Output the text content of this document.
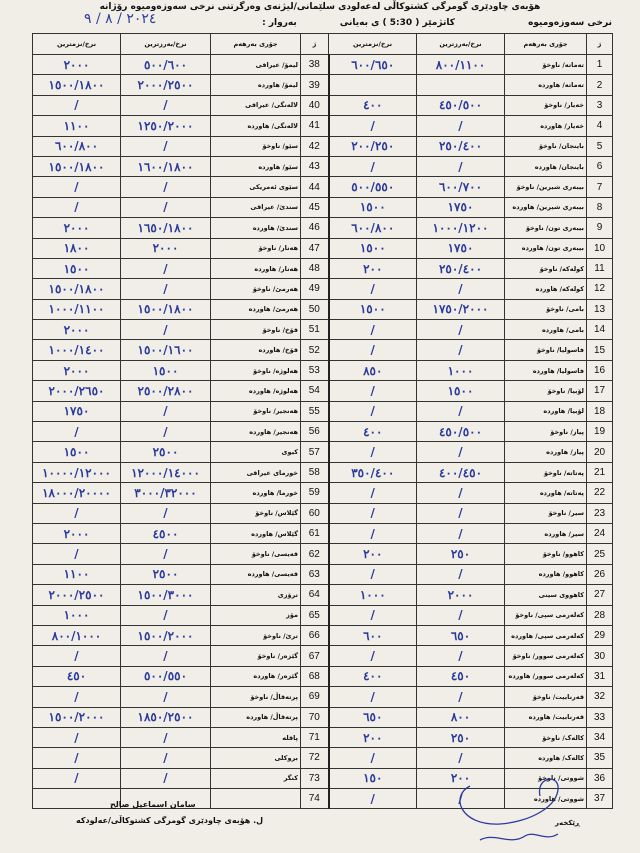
هۆبەی چاودێری گومرگی کشتوکاڵی لەعەلودی سلێمانی/لیژنەی وەرگرتنی نرخی سەوزەومیوە رۆژانە
نرخی سەوزەومیوە کاتژمێر ( 5:30 ) ی بەیانی بەروار :
٢٠٢٤ / ٨ / ٩
ژ	جۆری بەرهەم	نرخ/بەرزترین	نرخ/نزمترین	ژ	جۆری بەرهەم	نرخ/بەرزترین	نرخ/نزمترین
1	تەماتە/ ناوخۆ	٨٠٠/١١٠٠	٦٠٠/٦٥٠	38	لیمۆ/ عیراقی	٥٠٠/٦٠٠	٢٠٠٠
2	تەماتە/ هاوردە			39	لیمۆ/ هاوردە	٢٠٠٠/٢٥٠٠	١٥٠٠/١٨٠٠
3	خەیار/ ناوخۆ	٤٥٠/٥٠٠	٤٠٠	40	لالەنگی/ عیراقی	/	/
4	خەیار/ هاوردە	/	/	41	لالەنگی/ هاوردە	١٢٥٠/٢٠٠٠	١١٠٠
5	باینجان/ ناوخۆ	٢٥٠/٤٠٠	٢٠٠/٢٥٠	42	سێو/ ناوخۆ	/	٦٠٠/٨٠٠
6	باینجان/ هاوردە	/	/	43	سێو/ هاوردە	١٦٠٠/١٨٠٠	١٥٠٠/١٨٠٠
7	بیبەری شیرین/ ناوخۆ	٦٠٠/٧٠٠	٥٠٠/٥٥٠	44	سێوی ئەمریکی	/	/
8	بیبەری شیرین/ هاوردە	١٧٥٠	١٥٠٠	45	سندێ/ عیراقی	/	/
9	بیبەری تون/ ناوخۆ	١٠٠٠/١٢٠٠	٦٠٠/٨٠٠	46	سندێ/ هاوردە	١٦٥٠/١٨٠٠	٢٠٠٠
10	بیبەری تون/ هاوردە	١٧٥٠	١٥٠٠	47	هەنار/ ناوخۆ	٢٠٠٠	١٨٠٠
11	کولەکە/ ناوخۆ	٢٥٠/٤٠٠	٢٠٠	48	هەنار/ هاوردە	/	١٥٠٠
12	کولەکە/ هاوردە	/	/	49	هەرمێ/ ناوخۆ	/	١٥٠٠/١٨٠٠
13	بامی/ ناوخۆ	١٧٥٠/٢٠٠٠	١٥٠٠	50	هەرمێ/ هاوردە	١٥٠٠/١٨٠٠	١٠٠٠/١١٠٠
14	بامی/ هاوردە	/	/	51	قۆخ/ ناوخۆ	/	٢٠٠٠
15	فاسولیا/ ناوخۆ	/	/	52	قۆخ/ هاوردە	١٥٠٠/١٦٠٠	١٠٠٠/١٤٠٠
16	فاسولیا/ هاوردە	١٠٠٠	٨٥٠	53	هەلوژە/ ناوخۆ	١٥٠٠	٢٠٠٠
17	لۆبیا/ ناوخۆ	١٥٠٠	/	54	هەلوژە/ هاوردە	٢٥٠٠/٢٨٠٠	٢٠٠٠/٢٦٥٠
18	لۆبیا/ هاوردە	/	/	55	هەنجیر/ ناوخۆ	/	١٧٥٠
19	پیاز/ ناوخۆ	٤٥٠/٥٠٠	٤٠٠	56	هەنجیر/ هاوردە	/	/
20	پیاز/ هاوردە	/	/	57	کیوی	٢٥٠٠	١٥٠٠
21	پەتاتە/ ناوخۆ	٤٠٠/٤٥٠	٣٥٠/٤٠٠	58	خورمای عیراقی	١٢٠٠٠/١٤٠٠٠	١٠٠٠٠/١٢٠٠٠
22	پەتاتە/ هاوردە	/	/	59	خورما/ هاوردە	٣٠٠٠/٣٢٠٠٠	١٨٠٠٠/٢٠٠٠٠
23	سیر/ ناوخۆ	/	/	60	گێلاس/ ناوخۆ	/	/
24	سیر/ هاوردە	/	/	61	گێلاس/ هاوردە	٤٥٠٠	٢٠٠٠
25	کاهوو/ ناوخۆ	٢٥٠	٢٠٠	62	قەیسی/ ناوخۆ	/	/
26	کاهوو/ هاوردە	/	/	63	قەیسی/ هاوردە	٢٥٠٠	١١٠٠
27	کاهووی سینی	٢٠٠٠	١٠٠٠	64	ترۆزی	١٥٠٠/٣٠٠٠	٢٠٠٠/٢٥٠٠
28	کەلەرمی سپی/ ناوخۆ	/	/	65	مۆز	/	١٠٠٠
29	کەلەرمی سپی/ هاوردە	٦٥٠	٦٠٠	66	ترێ/ ناوخۆ	١٥٠٠/٢٠٠٠	٨٠٠/١٠٠٠
30	کەلەرمی سوور/ ناوخۆ	/	/	67	گێزەر/ ناوخۆ	/	/
31	کەلەرمی سوور/ هاوردە	٤٥٠	٤٠٠	68	گێزەر/ هاوردە	٥٠٠/٥٥٠	٤٥٠
32	قەرنابیت/ ناوخۆ	/	/	69	پرتەقاڵ/ ناوخۆ	/	/
33	قەرنابیت/ هاوردە	٨٠٠	٦٥٠	70	پرتەقاڵ/ هاوردە	١٨٥٠/٢٥٠٠	١٥٠٠/٢٠٠٠
34	کالەک/ ناوخۆ	٢٥٠	٢٠٠	71	پاقلە	/	/
35	کالەک/ هاوردە	/	/	72	بروکلی	/	/
36	شووتی/ ناوخۆ	٢٠٠	١٥٠	73	کنگر	/	/
37	شووتی/ هاوردە	/	/	74			
سامان اسماعیل صالح
ل. هۆبەی چاودێری گومرگی کشتوکاڵی/عەلودکە	ڕێکخەر
